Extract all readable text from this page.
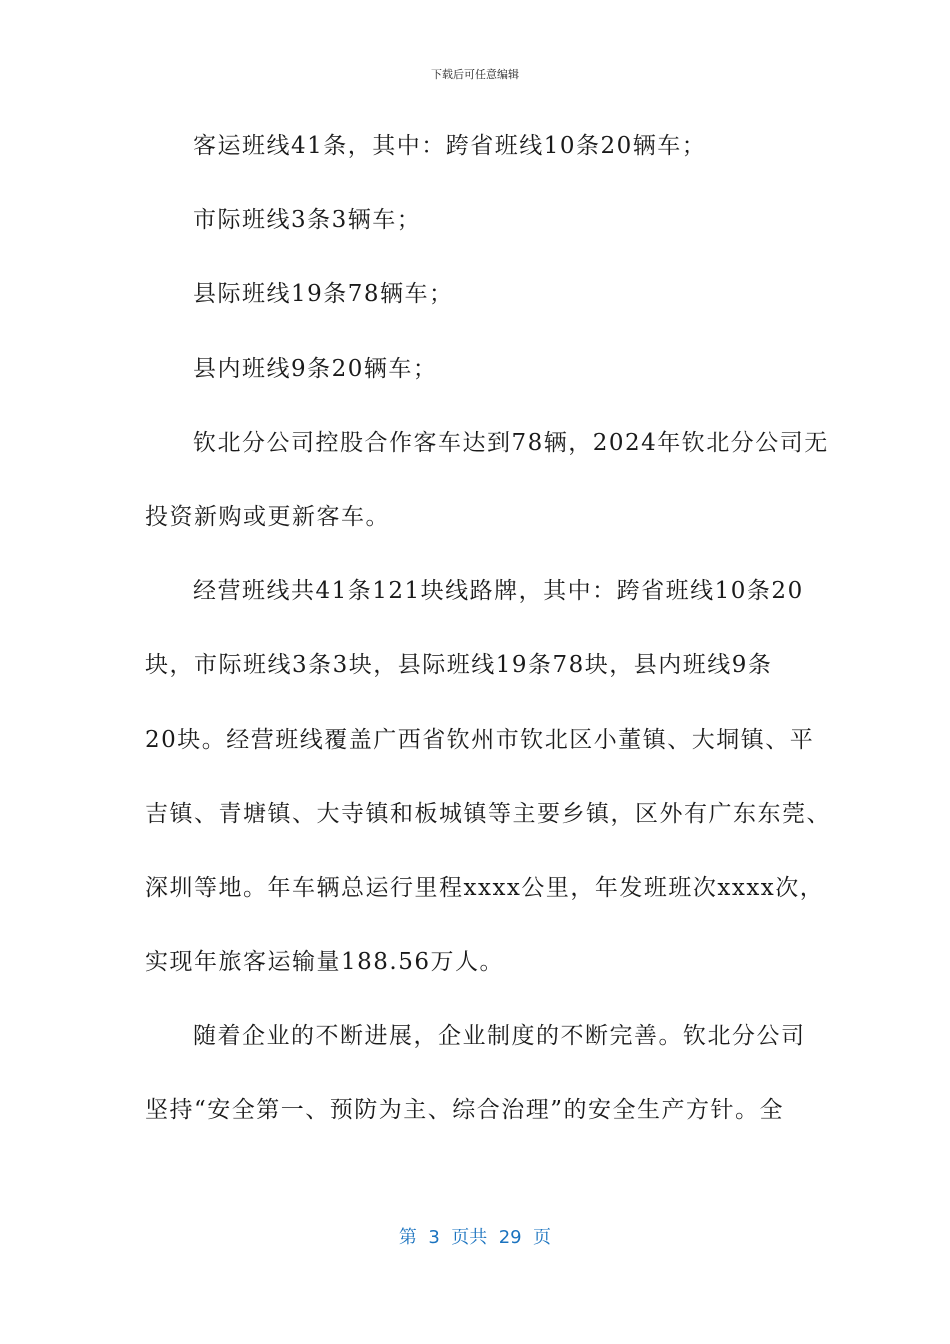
下载后可任意编辑
客运班线41条，其中：跨省班线10条20辆车；
市际班线3条3辆车；
县际班线19条78辆车；
县内班线9条20辆车；
钦北分公司控股合作客车达到78辆，2024年钦北分公司无
投资新购或更新客车。
经营班线共41条121块线路牌，其中：跨省班线10条20
块，市际班线3条3块，县际班线19条78块，县内班线9条
20块。经营班线覆盖广西省钦州市钦北区小董镇、大垌镇、平
吉镇、青塘镇、大寺镇和板城镇等主要乡镇，区外有广东东莞、
深圳等地。年车辆总运行里程xxxx公里，年发班班次xxxx次，
实现年旅客运输量188.56万人。
随着企业的不断进展，企业制度的不断完善。钦北分公司
坚持“安全第一、预防为主、综合治理”的安全生产方针。全
第  3  页共  29  页
